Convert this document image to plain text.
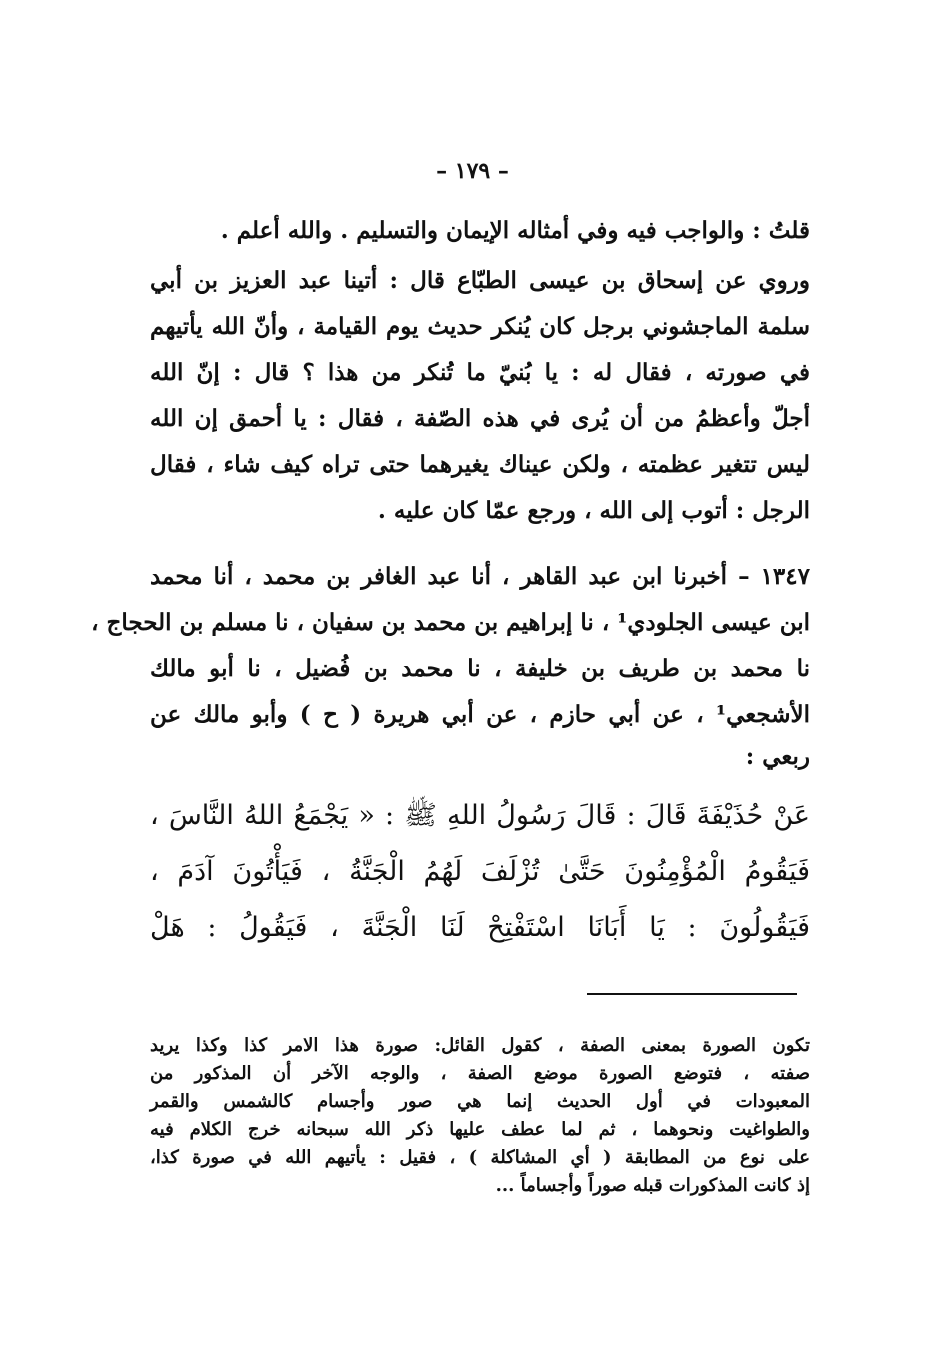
– ١٧٩ –
قلتُ : والواجب فيه وفي أمثاله الإيمان والتسليم . والله أعلم .
وروي عن إسحاق بن عيسى الطبّاع قال : أتينا عبد العزيز بن أبي
سلمة الماجشوني برجل كان يُنكر حديث يوم القيامة ، وأنّ الله يأتيهم
في صورته ، فقال له : يا بُنيّ ما تُنكر من هذا ؟ قال : إنّ الله
أجلّ وأعظمُ من أن يُرى في هذه الصّفة ، فقال : يا أحمق إن الله
ليس تتغير عظمته ، ولكن عيناك يغيرهما حتى تراه كيف شاء ، فقال
الرجل : أتوب إلى الله ، ورجع عمّا كان عليه .
١٣٤٧ – أخبرنا ابن عبد القاهر ، أنا عبد الغافر بن محمد ، أنا محمد
ابن عيسى الجلودي¹ ، نا إبراهيم بن محمد بن سفيان ، نا مسلم بن الحجاج ،
نا محمد بن طريف بن خليفة ، نا محمد بن فُضيل ، نا أبو مالك
الأشجعي¹ ، عن أبي حازم ، عن أبي هريرة ( ح ) وأبو مالك عن
ربعي :
عَنْ حُذَيْفَةَ قَالَ : قَالَ رَسُولُ اللهِ ﷺ : « يَجْمَعُ اللهُ النَّاسَ ،
فَيَقُومُ الْمُؤْمِنُونَ حَتَّىٰ تُزْلَفَ لَهُمُ الْجَنَّةُ ، فَيَأْتُونَ آدَمَ ،
فَيَقُولُونَ : يَا أَبَانَا اسْتَفْتِحْ لَنَا الْجَنَّةَ ، فَيَقُولُ : هَلْ
تكون الصورة بمعنى الصفة ، كقول القائل: صورة هذا الامر كذا وكذا يريد
صفته ، فتوضع الصورة موضع الصفة ، والوجه الآخر أن المذكور من
المعبودات في أول الحديث إنما هي صور وأجسام كالشمس والقمر
والطواغيت ونحوهما ، ثم لما عطف عليها ذكر الله سبحانه خرج الكلام فيه
على نوع من المطابقة ( أي المشاكلة ) ، فقيل : يأتيهم الله في صورة كذا،
إذ كانت المذكورات قبله صوراً وأجساماً ...
